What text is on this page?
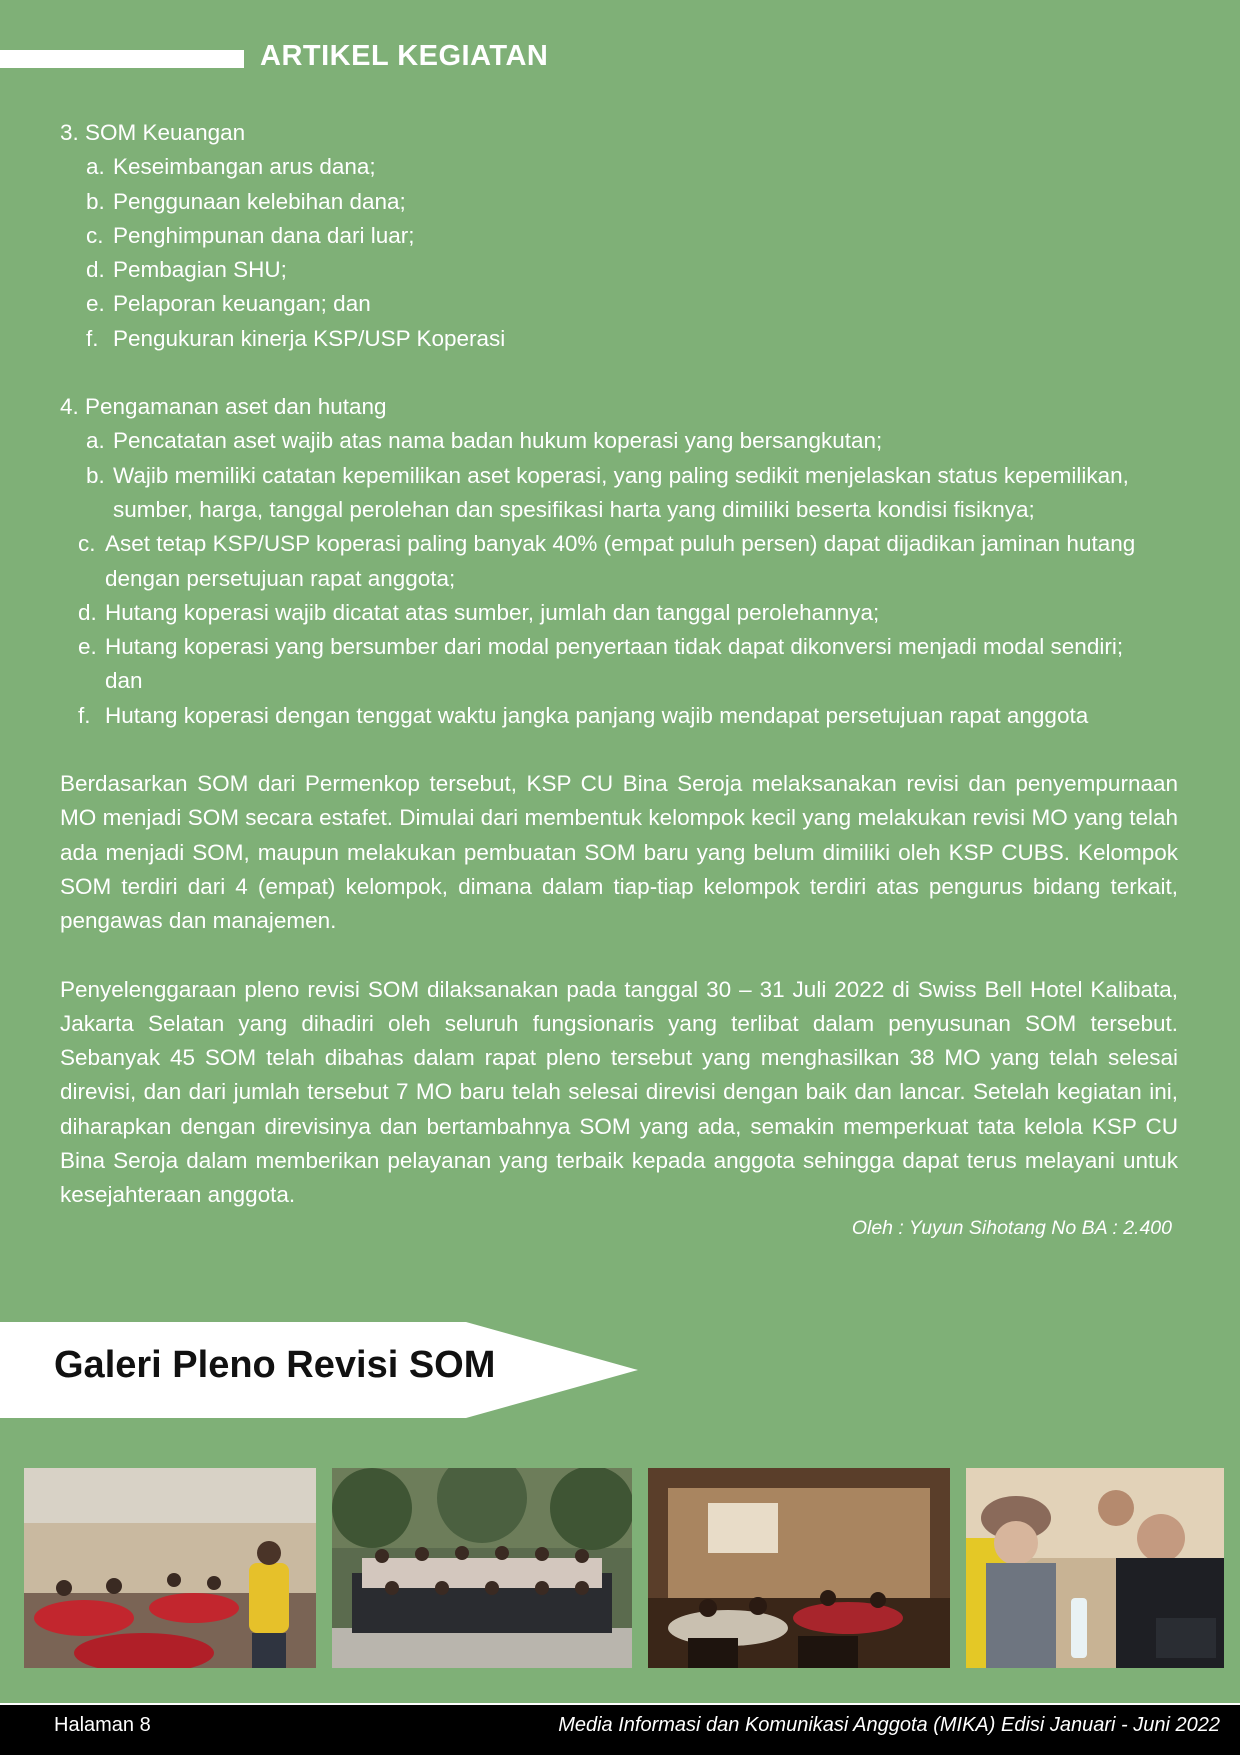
ARTIKEL KEGIATAN
3. SOM Keuangan
a. Keseimbangan arus dana;
b. Penggunaan kelebihan dana;
c. Penghimpunan dana dari luar;
d. Pembagian SHU;
e. Pelaporan keuangan; dan
f. Pengukuran kinerja KSP/USP Koperasi
4. Pengamanan aset dan hutang
a. Pencatatan aset wajib atas nama badan hukum koperasi yang bersangkutan;
b. Wajib memiliki catatan kepemilikan aset koperasi, yang paling sedikit menjelaskan status kepemilikan, sumber, harga, tanggal perolehan dan spesifikasi harta yang dimiliki beserta kondisi fisiknya;
c. Aset tetap KSP/USP koperasi paling banyak 40% (empat puluh persen) dapat dijadikan jaminan hutang dengan persetujuan rapat anggota;
d. Hutang koperasi wajib dicatat atas sumber, jumlah dan tanggal perolehannya;
e. Hutang koperasi yang bersumber dari modal penyertaan tidak dapat dikonversi menjadi modal sendiri; dan
f. Hutang koperasi dengan tenggat waktu jangka panjang wajib mendapat persetujuan rapat anggota

Berdasarkan SOM dari Permenkop tersebut, KSP CU Bina Seroja melaksanakan revisi dan penyempurnaan MO menjadi SOM secara estafet. Dimulai dari membentuk kelompok kecil yang melakukan revisi MO yang telah ada menjadi SOM, maupun melakukan pembuatan SOM baru yang belum dimiliki oleh KSP CUBS. Kelompok SOM terdiri dari 4 (empat) kelompok, dimana dalam tiap-tiap kelompok terdiri atas pengurus bidang terkait, pengawas dan manajemen.

Penyelenggaraan pleno revisi SOM dilaksanakan pada tanggal 30 – 31 Juli 2022 di Swiss Bell Hotel Kalibata, Jakarta Selatan yang dihadiri oleh seluruh fungsionaris yang terlibat dalam penyusunan SOM tersebut. Sebanyak 45 SOM telah dibahas dalam rapat pleno tersebut yang menghasilkan 38 MO yang telah selesai direvisi, dan dari jumlah tersebut 7 MO baru telah selesai direvisi dengan baik dan lancar. Setelah kegiatan ini, diharapkan dengan direvisinya dan bertambahnya SOM yang ada, semakin memperkuat tata kelola KSP CU Bina Seroja dalam memberikan pelayanan yang terbaik kepada anggota sehingga dapat terus melayani untuk kesejahteraan anggota.

Oleh : Yuyun Sihotang No BA : 2.400
Galeri Pleno Revisi SOM
Halaman 8	Media Informasi dan Komunikasi Anggota (MIKA) Edisi Januari - Juni 2022
